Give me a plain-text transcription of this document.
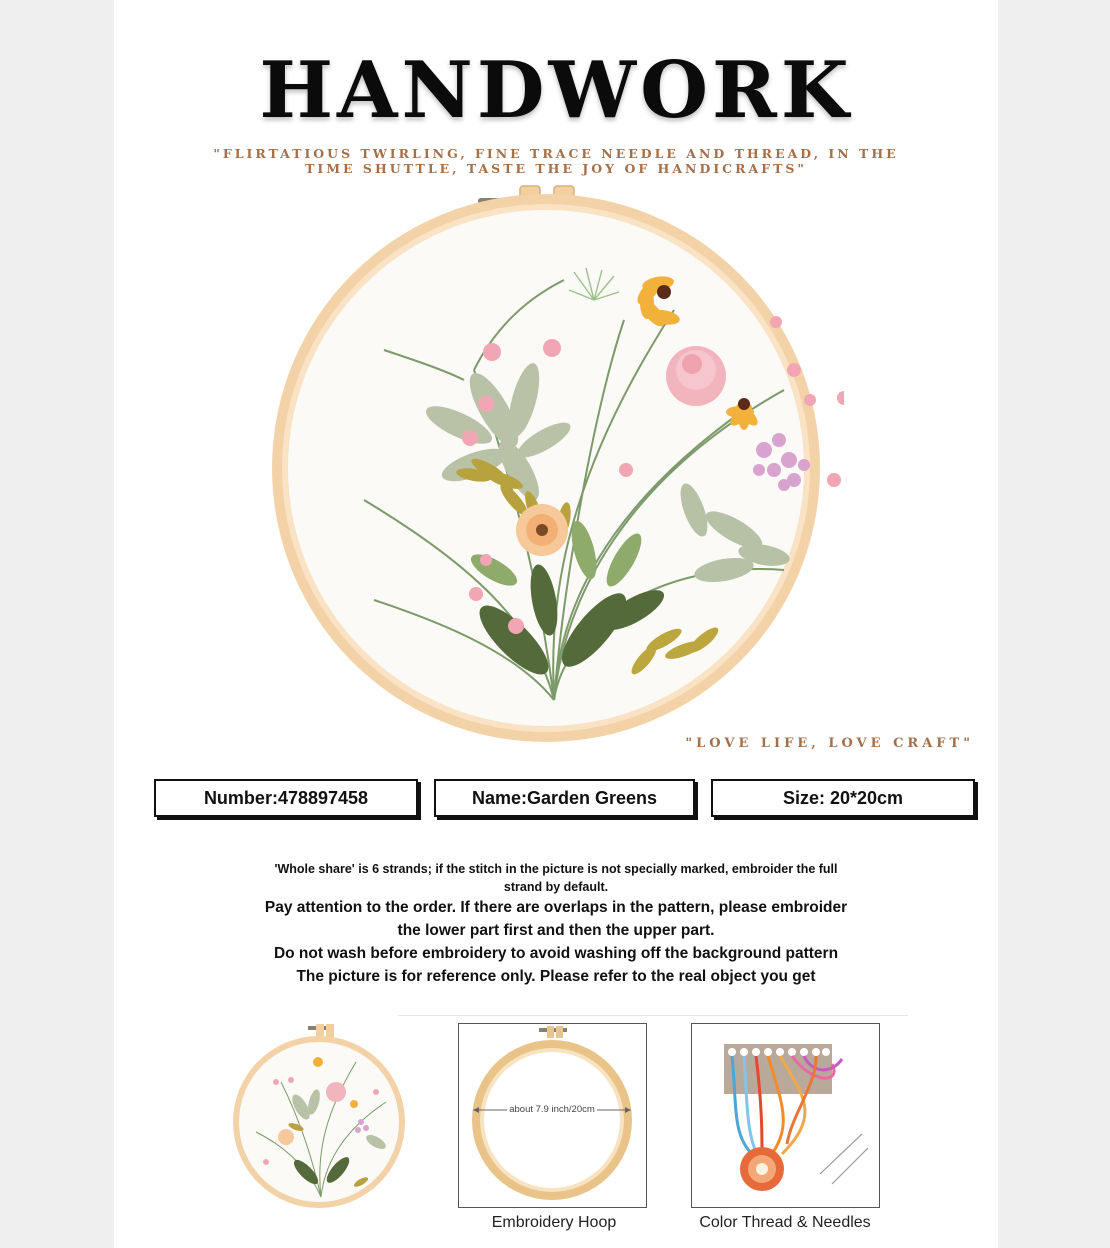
HANDWORK
"FLIRTATIOUS TWIRLING, FINE TRACE NEEDLE AND THREAD, IN THE
TIME SHUTTLE, TASTE THE JOY OF HANDICRAFTS"
"LOVE LIFE, LOVE CRAFT"
Number:478897458	Name:Garden Greens	Size: 20*20cm
'Whole share' is 6 strands; if the stitch in the picture is not specially marked, embroider the full
strand by default.
Pay attention to the order. If there are overlaps in the pattern, please embroider
the lower part first and then the upper part.
Do not wash before embroidery to avoid washing off the background pattern
The picture is for reference only. Please refer to the real object you get
about 7.9 inch/20cm
Embroidery Hoop	Color Thread & Needles
